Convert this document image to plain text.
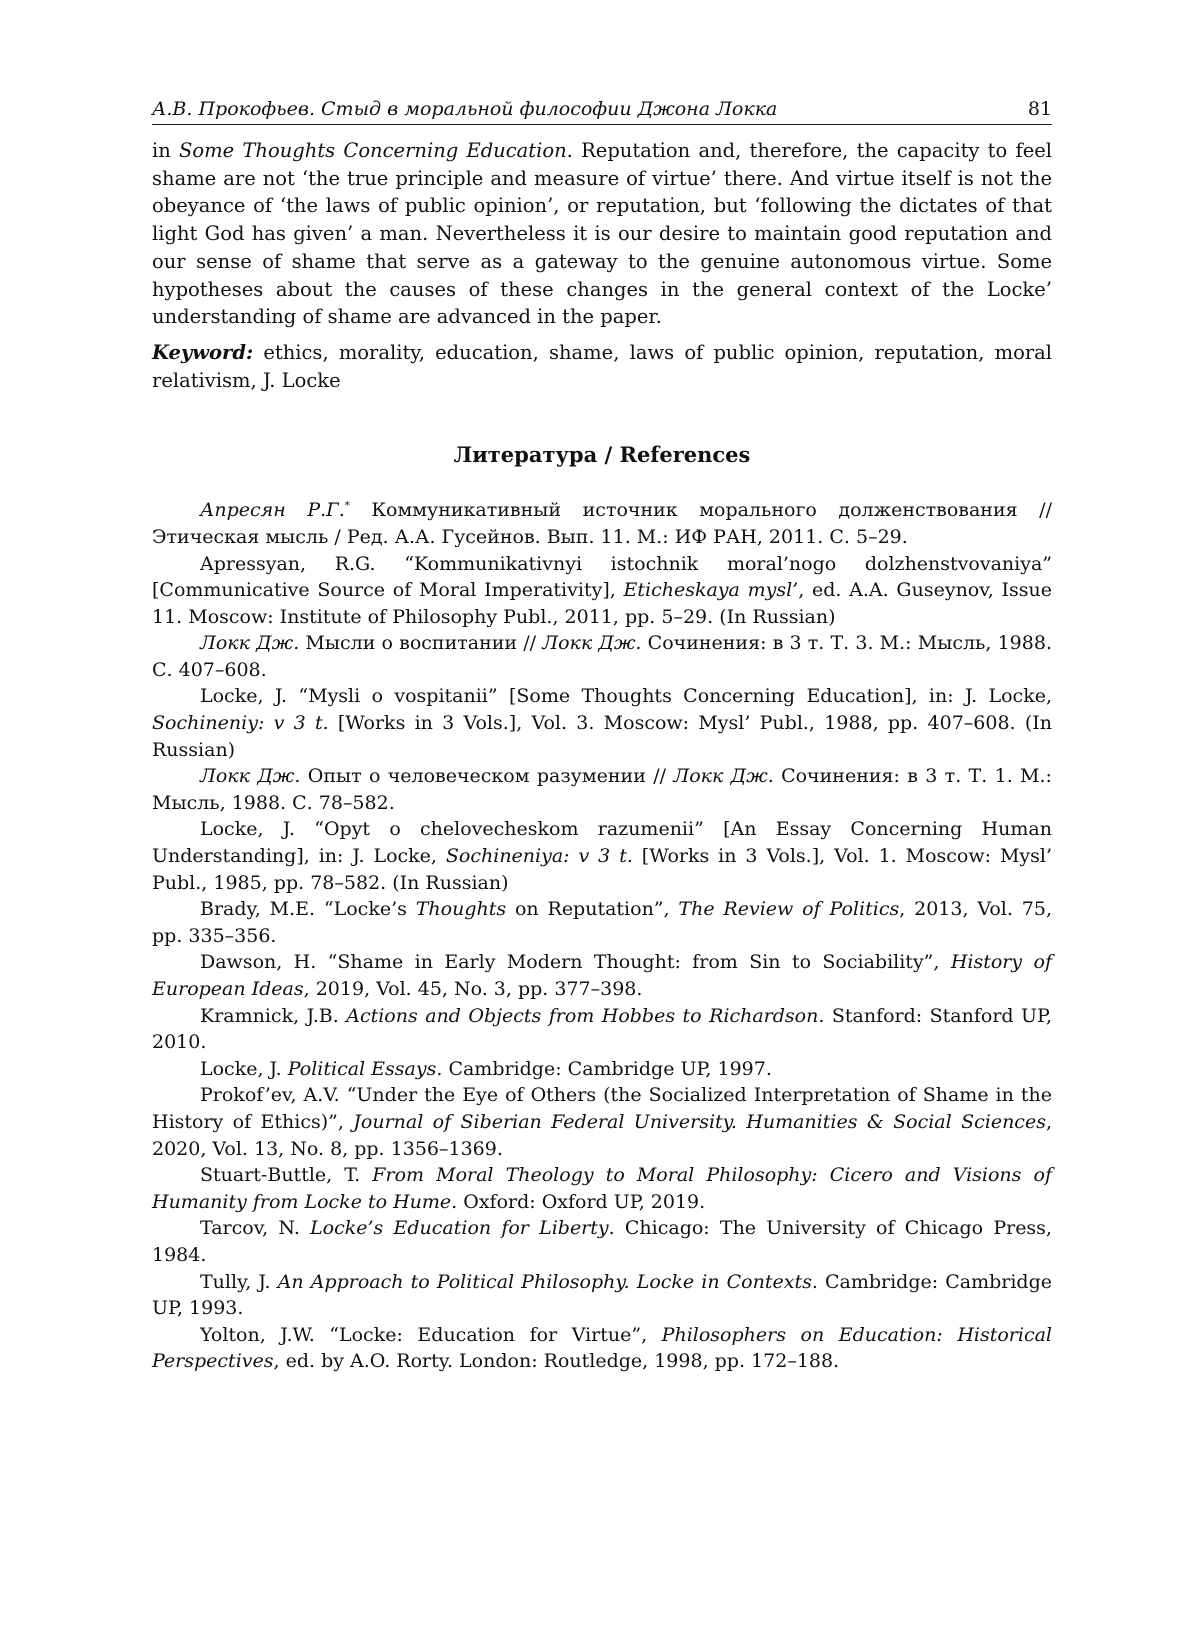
А.В. Прокофьев. Стыд в моральной философии Джона Локка	81

in Some Thoughts Concerning Education. Reputation and, therefore, the capacity to feel shame are not ‘the true principle and measure of virtue’ there. And virtue itself is not the obeyance of ‘the laws of public opinion’, or reputation, but ‘following the dictates of that light God has given’ a man. Nevertheless it is our desire to maintain good reputation and our sense of shame that serve as a gateway to the genuine autonomous virtue. Some hypotheses about the causes of these changes in the general context of the Locke’ understanding of shame are advanced in the paper.

Keyword: ethics, morality, education, shame, laws of public opinion, reputation, moral relativism, J. Locke

Литература / References

Апресян Р.Г.* Коммуникативный источник морального долженствования // Этическая мысль / Ред. А.А. Гусейнов. Вып. 11. М.: ИФ РАН, 2011. С. 5–29.

Apressyan, R.G. “Kommunikativnyi istochnik moral’nogo dolzhenstvovaniya” [Communicative Source of Moral Imperativity], Eticheskaya mysl’, ed. A.A. Guseynov, Issue 11. Moscow: Institute of Philosophy Publ., 2011, pp. 5–29. (In Russian)

Локк Дж. Мысли о воспитании // Локк Дж. Сочинения: в 3 т. Т. 3. М.: Мысль, 1988. С. 407–608.

Locke, J. “Mysli o vospitanii” [Some Thoughts Concerning Education], in: J. Locke, Sochineniy: v 3 t. [Works in 3 Vols.], Vol. 3. Moscow: Mysl’ Publ., 1988, pp. 407–608. (In Russian)

Локк Дж. Опыт о человеческом разумении // Локк Дж. Сочинения: в 3 т. Т. 1. М.: Мысль, 1988. С. 78–582.

Locke, J. “Opyt o chelovecheskom razumenii” [An Essay Concerning Human Understanding], in: J. Locke, Sochineniya: v 3 t. [Works in 3 Vols.], Vol. 1. Moscow: Mysl’ Publ., 1985, pp. 78–582. (In Russian)

Brady, M.E. “Locke’s Thoughts on Reputation”, The Review of Politics, 2013, Vol. 75, pp. 335–356.

Dawson, H. “Shame in Early Modern Thought: from Sin to Sociability”, History of European Ideas, 2019, Vol. 45, No. 3, pp. 377–398.

Kramnick, J.B. Actions and Objects from Hobbes to Richardson. Stanford: Stanford UP, 2010.

Locke, J. Political Essays. Cambridge: Cambridge UP, 1997.

Prokof’ev, A.V. “Under the Eye of Others (the Socialized Interpretation of Shame in the History of Ethics)”, Journal of Siberian Federal University. Humanities & Social Sciences, 2020, Vol. 13, No. 8, pp. 1356–1369.

Stuart-Buttle, T. From Moral Theology to Moral Philosophy: Cicero and Visions of Humanity from Locke to Hume. Oxford: Oxford UP, 2019.

Tarcov, N. Locke’s Education for Liberty. Chicago: The University of Chicago Press, 1984.

Tully, J. An Approach to Political Philosophy. Locke in Contexts. Cambridge: Cambridge UP, 1993.

Yolton, J.W. “Locke: Education for Virtue”, Philosophers on Education: Historical Perspectives, ed. by A.O. Rorty. London: Routledge, 1998, pp. 172–188.
